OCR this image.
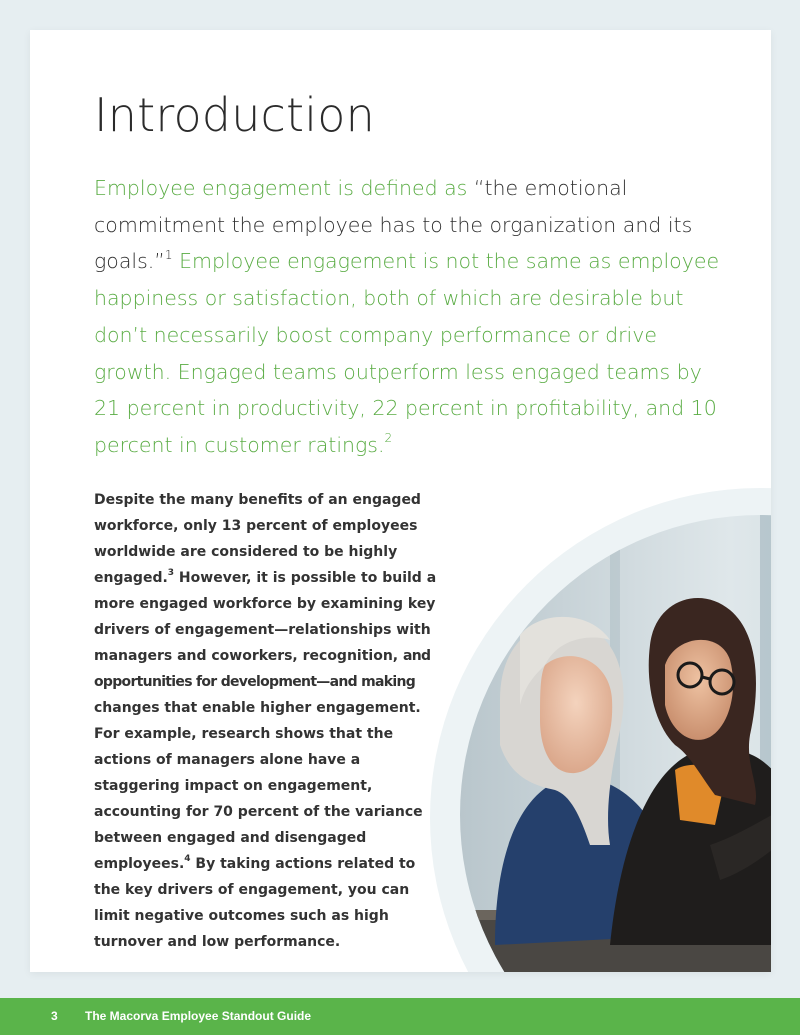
Introduction

Employee engagement is defined as “the emotional commitment the employee has to the organization and its goals.”$^1$ Employee engagement is not the same as employee happiness or satisfaction, both of which are desirable but don’t necessarily boost company performance or drive growth. Engaged teams outperform less engaged teams by 21 percent in productivity, 22 percent in profitability, and 10 percent in customer ratings.$^2$

Despite the many benefits of an engaged workforce, only 13 percent of employees worldwide are considered to be highly engaged.$^3$ However, it is possible to build a more engaged workforce by examining key drivers of engagement—relationships with managers and coworkers, recognition, and opportunities for development—and making changes that enable higher engagement. For example, research shows that the actions of managers alone have a staggering impact on engagement, accounting for 70 percent of the variance between engaged and disengaged employees.$^4$ By taking actions related to the key drivers of engagement, you can limit negative outcomes such as high turnover and low performance.

3 The Macorva Employee Standout Guide
